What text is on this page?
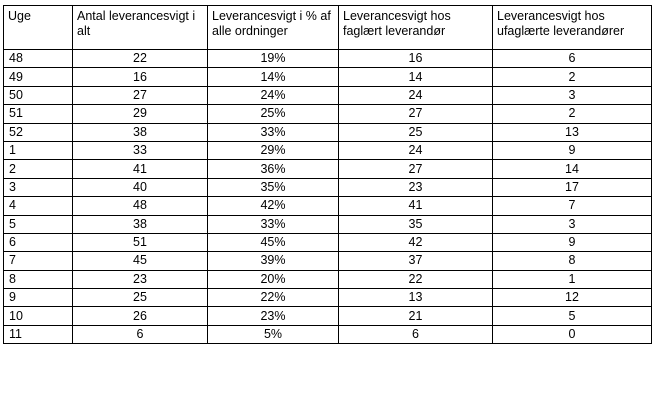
Uge	Antal leverancesvigt i alt	Leverancesvigt i % af alle ordninger	Leverancesvigt hos faglært leverandør	Leverancesvigt hos ufaglærte leverandører
48	22	19%	16	6
49	16	14%	14	2
50	27	24%	24	3
51	29	25%	27	2
52	38	33%	25	13
1	33	29%	24	9
2	41	36%	27	14
3	40	35%	23	17
4	48	42%	41	7
5	38	33%	35	3
6	51	45%	42	9
7	45	39%	37	8
8	23	20%	22	1
9	25	22%	13	12
10	26	23%	21	5
11	6	5%	6	0
